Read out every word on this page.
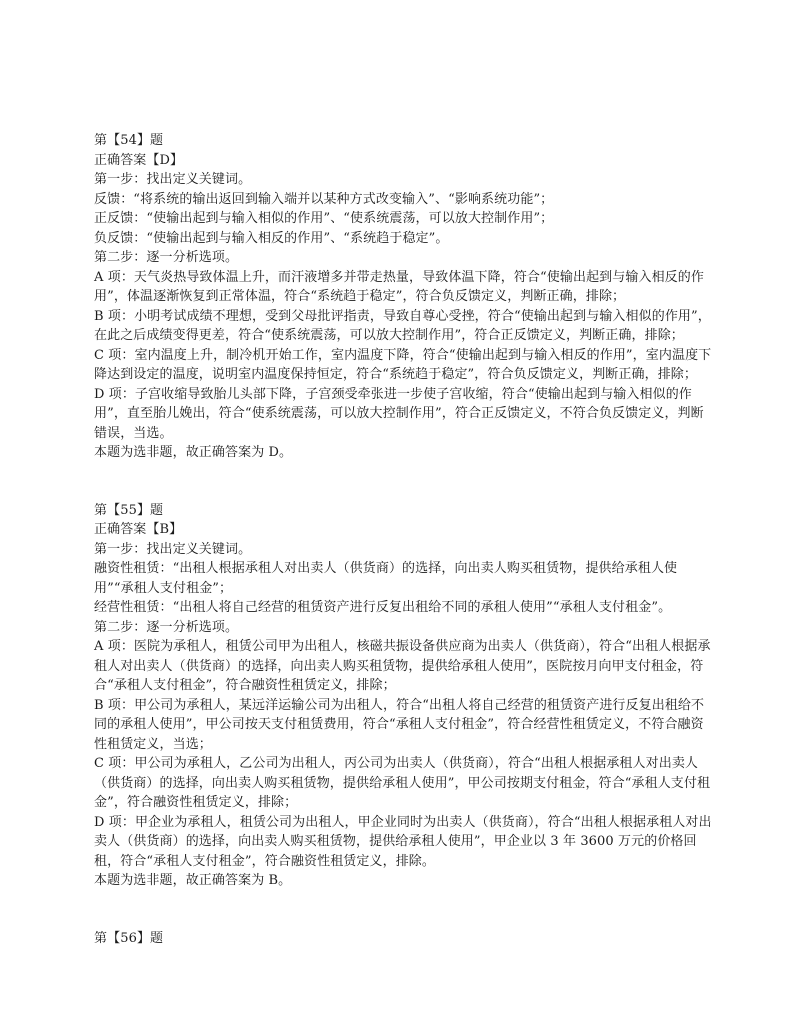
第【54】题

正确答案【D】

第一步：找出定义关键词。

反馈：“将系统的输出返回到输入端并以某种方式改变输入”、“影响系统功能”；

正反馈：“使输出起到与输入相似的作用”、“使系统震荡，可以放大控制作用”；

负反馈：“使输出起到与输入相反的作用”、“系统趋于稳定”。

第二步：逐一分析选项。

A 项：天气炎热导致体温上升，而汗液增多并带走热量，导致体温下降，符合“使输出起到与输入相反的作用”，体温逐渐恢复到正常体温，符合“系统趋于稳定”，符合负反馈定义，判断正确，排除；

B 项：小明考试成绩不理想，受到父母批评指责，导致自尊心受挫，符合“使输出起到与输入相似的作用”，在此之后成绩变得更差，符合“使系统震荡，可以放大控制作用”，符合正反馈定义，判断正确，排除；

C 项：室内温度上升，制冷机开始工作，室内温度下降，符合“使输出起到与输入相反的作用”，室内温度下降达到设定的温度，说明室内温度保持恒定，符合“系统趋于稳定”，符合负反馈定义，判断正确，排除；

D 项：子宫收缩导致胎儿头部下降，子宫颈受牵张进一步使子宫收缩，符合“使输出起到与输入相似的作用”，直至胎儿娩出，符合“使系统震荡，可以放大控制作用”，符合正反馈定义，不符合负反馈定义，判断错误，当选。

本题为选非题，故正确答案为 D。

第【55】题

正确答案【B】

第一步：找出定义关键词。

融资性租赁：“出租人根据承租人对出卖人（供货商）的选择，向出卖人购买租赁物，提供给承租人使用”“承租人支付租金”；

经营性租赁：“出租人将自己经营的租赁资产进行反复出租给不同的承租人使用”“承租人支付租金”。

第二步：逐一分析选项。

A 项：医院为承租人，租赁公司甲为出租人，核磁共振设备供应商为出卖人（供货商），符合“出租人根据承租人对出卖人（供货商）的选择，向出卖人购买租赁物，提供给承租人使用”，医院按月向甲支付租金，符合“承租人支付租金”，符合融资性租赁定义，排除；

B 项：甲公司为承租人，某远洋运输公司为出租人，符合“出租人将自己经营的租赁资产进行反复出租给不同的承租人使用”，甲公司按天支付租赁费用，符合“承租人支付租金”，符合经营性租赁定义，不符合融资性租赁定义，当选；

C 项：甲公司为承租人，乙公司为出租人，丙公司为出卖人（供货商），符合“出租人根据承租人对出卖人（供货商）的选择，向出卖人购买租赁物，提供给承租人使用”，甲公司按期支付租金，符合“承租人支付租金”，符合融资性租赁定义，排除；

D 项：甲企业为承租人，租赁公司为出租人，甲企业同时为出卖人（供货商），符合“出租人根据承租人对出卖人（供货商）的选择，向出卖人购买租赁物，提供给承租人使用”，甲企业以 3 年 3600 万元的价格回租，符合“承租人支付租金”，符合融资性租赁定义，排除。

本题为选非题，故正确答案为 B。

第【56】题
